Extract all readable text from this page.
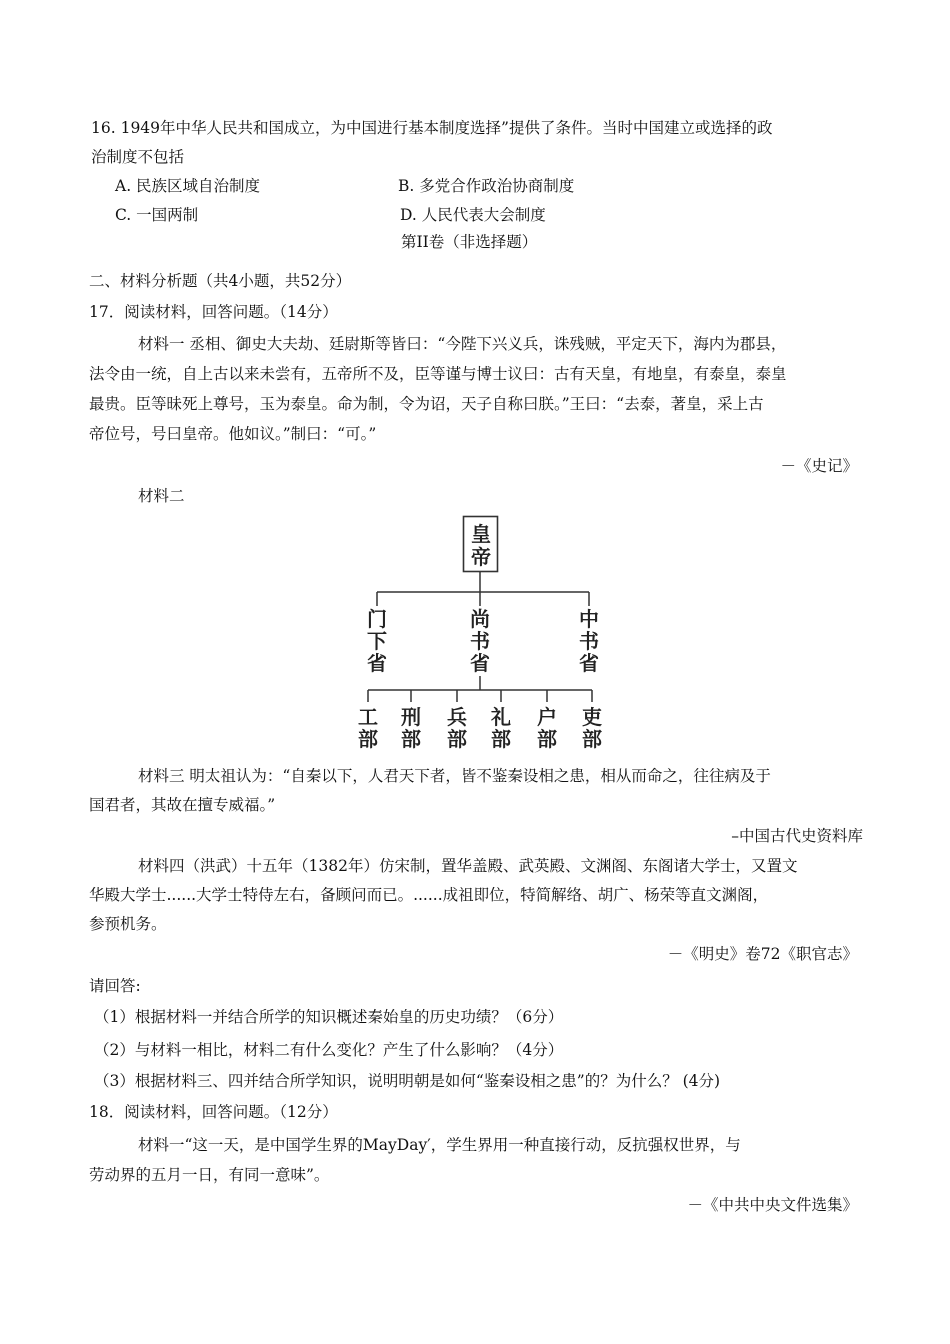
16. 1949年中华人民共和国成立，为中国进行基本制度选择”提供了条件。当时中国建立或选择的政
治制度不包括
A. 民族区域自治制度	B. 多党合作政治协商制度
C. 一国两制	D. 人民代表大会制度
第II卷（非选择题）
二、材料分析题（共4小题，共52分）
17．阅读材料，回答问题。（14分）
材料一 丞相、御史大夫劫、廷尉斯等皆曰：“今陛下兴义兵，诛残贼，平定天下，海内为郡县，
法令由一统，自上古以来未尝有，五帝所不及，臣等谨与博士议曰：古有天皇，有地皇，有泰皇，泰皇
最贵。臣等昧死上尊号，玉为泰皇。命为制，令为诏，天子自称曰朕。”王曰：“去泰，著皇，采上古
帝位号，号曰皇帝。他如议。”制曰：“可。”
－《史记》
材料二
皇
帝
门
下
省
尚
书
省
中
书
省
工
部
刑
部
兵
部
礼
部
户
部
吏
部
材料三 明太祖认为：“自秦以下，人君天下者，皆不鉴秦设相之患，相从而命之，往往病及于
国君者，其故在擅专威福。”
–中国古代史资料库
材料四（洪武）十五年（1382年）仿宋制，置华盖殿、武英殿、文渊阁、东阁诸大学士，又置文
华殿大学士......大学士特侍左右，备顾问而已。......成祖即位，特简解络、胡广、杨荣等直文渊阁，
参预机务。
－《明史》卷72《职官志》
请回答:
（1）根据材料一并结合所学的知识概述秦始皇的历史功绩？（6分）
（2）与材料一相比，材料二有什么变化？产生了什么影响？（4分）
（3）根据材料三、四并结合所学知识，说明明朝是如何“鉴秦设相之患”的？为什么？ (4分)
18．阅读材料，回答问题。（12分）
材料一“这一天，是中国学生界的MayDay′，学生界用一种直接行动，反抗强权世界，与
劳动界的五月一日，有同一意味”。
－《中共中央文件选集》
